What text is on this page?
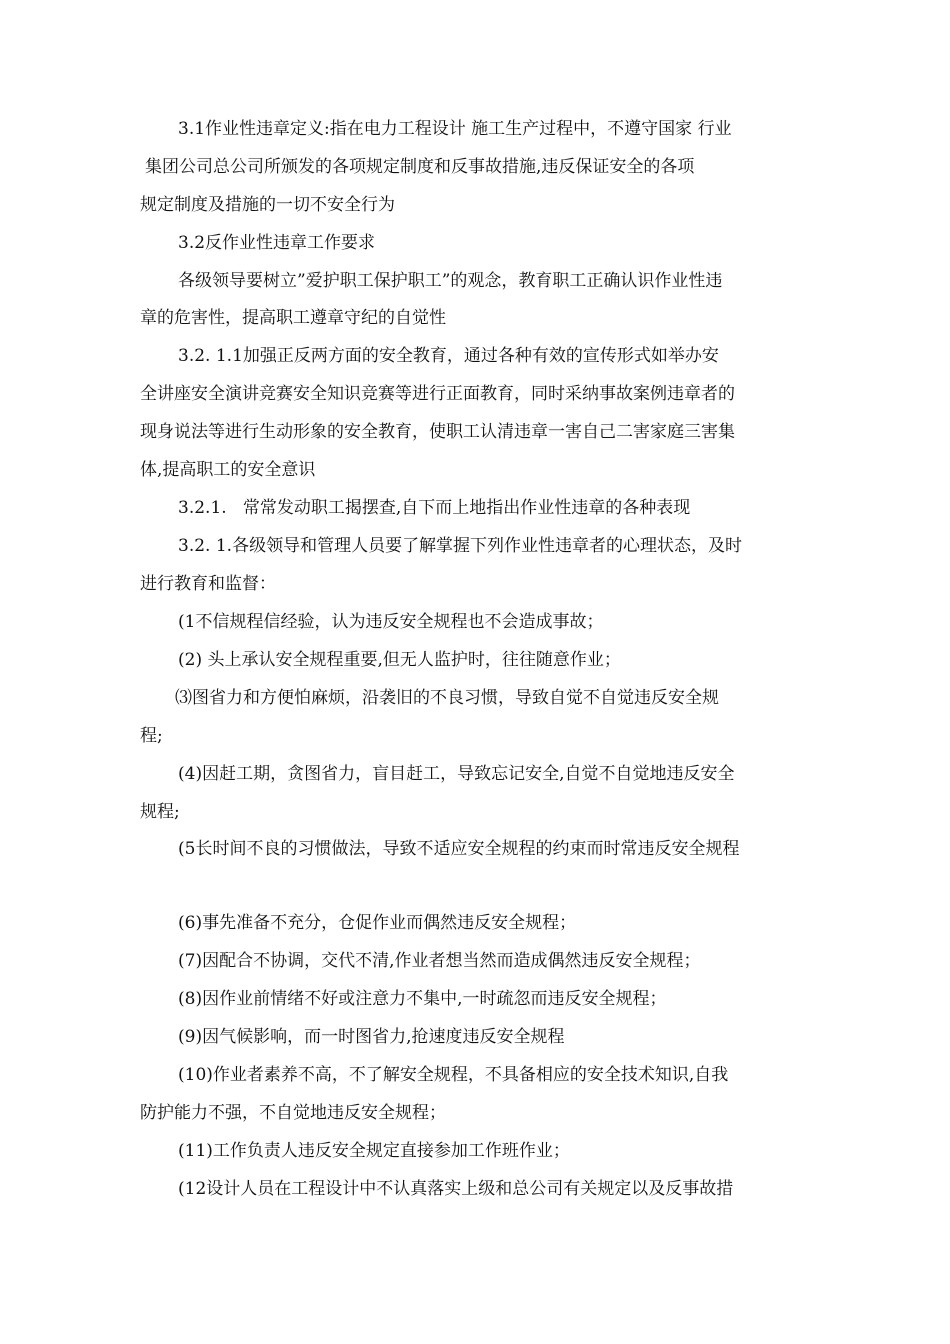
3.1作业性违章定义:指在电力工程设计 施工生产过程中，不遵守国家 行业
集团公司总公司所颁发的各项规定制度和反事故措施,违反保证安全的各项
规定制度及措施的一切不安全行为
3.2反作业性违章工作要求
各级领导要树立”爱护职工保护职工”的观念，教育职工正确认识作业性违
章的危害性，提高职工遵章守纪的自觉性
3.2. 1.1加强正反两方面的安全教育，通过各种有效的宣传形式如举办安
全讲座安全演讲竞赛安全知识竞赛等进行正面教育，同时采纳事故案例违章者的
现身说法等进行生动形象的安全教育，使职工认清违章一害自己二害家庭三害集
体,提高职工的安全意识
3.2.1.   常常发动职工揭摆查,自下而上地指出作业性违章的各种表现
3.2. 1.各级领导和管理人员要了解掌握下列作业性违章者的心理状态，及时
进行教育和监督：
(1不信规程信经验，认为违反安全规程也不会造成事故；
(2) 头上承认安全规程重要,但无人监护时，往往随意作业；
⑶图省力和方便怕麻烦，沿袭旧的不良习惯，导致自觉不自觉违反安全规
程;
(4)因赶工期，贪图省力，盲目赶工，导致忘记安全,自觉不自觉地违反安全
规程;
(5长时间不良的习惯做法，导致不适应安全规程的约束而时常违反安全规程
(6)事先准备不充分，仓促作业而偶然违反安全规程；
(7)因配合不协调，交代不清,作业者想当然而造成偶然违反安全规程；
(8)因作业前情绪不好或注意力不集中,一时疏忽而违反安全规程；
(9)因气候影响，而一时图省力,抢速度违反安全规程
(10)作业者素养不高，不了解安全规程，不具备相应的安全技术知识,自我
防护能力不强，不自觉地违反安全规程；
(11)工作负责人违反安全规定直接参加工作班作业；
(12设计人员在工程设计中不认真落实上级和总公司有关规定以及反事故措
